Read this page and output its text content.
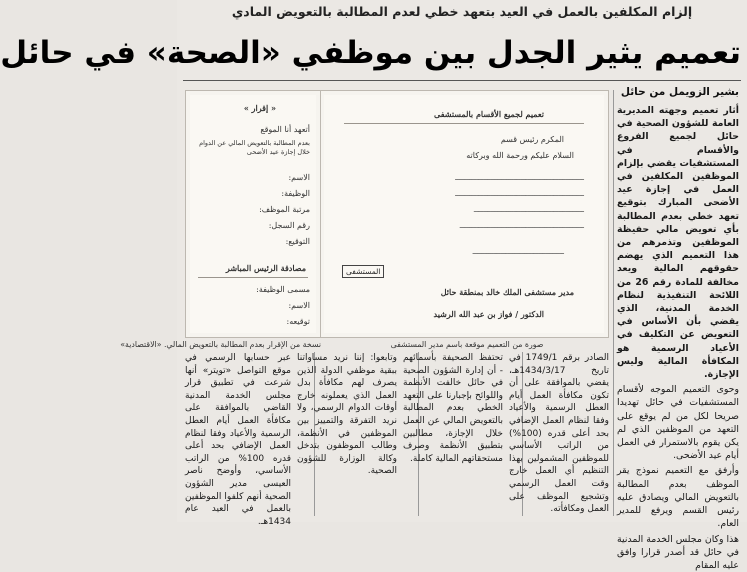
إلزام المكلفين بالعمل في العيد بتعهد خطي لعدم المطالبة بالتعويض المادي
تعميم يثير الجدل بين موظفي «الصحة» في حائل
بشير الزويمل من حائل

أثار تعميم وجهته المديرية العامة للشؤون الصحية في حائل لجميع الفروع والأقسام في المستشفيات يقضي بإلزام الموظفين المكلفين في العمل في إجازة عيد الأضحى المبارك بتوقيع تعهد خطي بعدم المطالبة بأي تعويض مالي حفيظة الموظفين وتذمرهم من هذا التعميم الذي يهضم حقوقهم المالية ويعد مخالفة للمادة رقم 26 من اللائحة التنفيذية لنظام الخدمة المدنية، الذي يقضي بأن الأساس في التعويض عن التكليف في الأعياد الرسمية هو المكافأة المالية وليس الإجازة.

وحوى التعميم الموجه لأقسام المستشفيات في حائل تهديدا صريحا لكل من لم يوقع على التعهد من الموظفين الذي لم يكن يقوم بالاستمرار في العمل أيام عيد الأضحى.

وأرفق مع التعميم نموذج يقر الموظف بعدم المطالبة بالتعويض المالي ويصادق عليه رئيس القسم ويرفع للمدير العام.

هذا وكان مجلس الخدمة المدنية في حائل قد أصدر قرارا وافق عليه المقام

تعميم لجميع الأقسام بالمستشفى
المكرم رئيس قسم
السلام عليكم ورحمة الله وبركاته
ـــــــــــــــــــــــــــــــــــــــــــــــــــــــ
ـــــــــــــــــــــــــــــــــــــــــــــــــــــــ
ـــــــــــــــــــــــــــــــــــــــــــــــ
ـــــــــــــــــــــــــــــــــــــــــــــــــــــ
ـــــــــــــــــــــــــــــــــــــــ
المستشفى
مدير مستشفى الملك خالد بمنطقة حائل
الدكتور / فواز بن عبد الله الرشيد
« إقرار »
أتعهد أنا الموقع
بعدم المطالبة بالتعويض المالي عن الدوام خلال إجازة عيد الأضحى
الاسم:
الوظيفة:
مرتبة الموظف:
رقم السجل:
التوقيع:
مصادقة الرئيس المباشر
مسمى الوظيفة:
الاسم:
توقيعه:
صورة من التعميم موقعة باسم مدير المستشفى
نسخة من الإقرار بعدم المطالبة بالتعويض المالي. «الاقتصادية»
الصادر برقم 1749/1 في تاريخ 1434/3/17هـ، يقضي بالموافقة على أن تكون مكافأة العمل أيام العطل الرسمية والأعياد وفقا لنظام العمل الإضافي بحد أعلى قدره (100%) من الراتب الأساسي للموظفين المشمولين بهذا التنظيم أي العمل خارج وقت العمل الرسمي وتشجيع الموظف على العمل ومكافأته.
تحتفظ الصحيفة بأسمائهم - أن إدارة الشؤون الصحية في حائل خالفت الأنظمة واللوائح بإجبارنا على التعهد الخطي بعدم المطالبة بالتعويض المالي عن العمل خلال الإجازة، مطالبين بتطبيق الأنظمة وصرف مستحقاتهم المالية كاملة.
وتابعوا: إننا نريد مساواتنا ببقية موظفي الدولة الذين يصرف لهم مكافأة بدل العمل الذي يعملونه خارج أوقات الدوام الرسمي، ولا نريد التفرقة والتمييز بين الموظفين في الأنظمة، وطالب الموظفون بتدخل وكالة الوزارة للشؤون الصحية.
عبر حسابها الرسمي في موقع التواصل «تويتر» أنها شرعت في تطبيق قرار مجلس الخدمة المدنية القاضي بالموافقة على مكافأة العمل أيام العطل الرسمية والأعياد وفقا لنظام العمل الإضافي بحد أعلى قدره 100% من الراتب الأساسي، وأوضح ناصر العيسى مدير الشؤون الصحية أنهم كلفوا الموظفين بالعمل في العيد عام 1434هـ.
